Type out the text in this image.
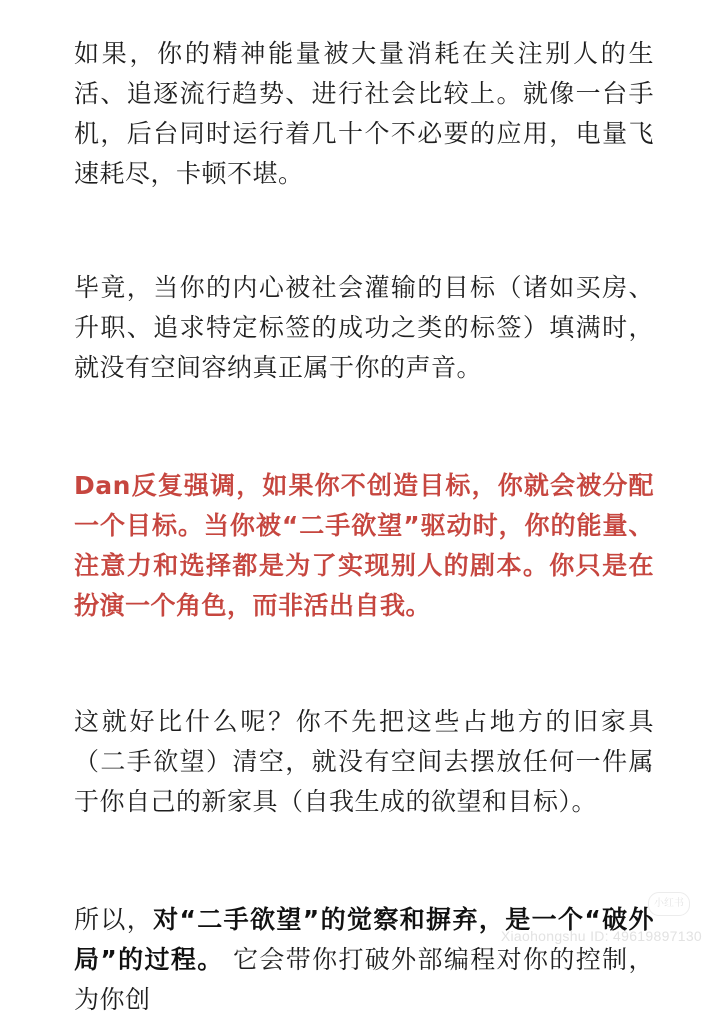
如果，你的精神能量被大量消耗在关注别人的生活、追逐流行趋势、进行社会比较上。就像一台手机，后台同时运行着几十个不必要的应用，电量飞速耗尽，卡顿不堪。

毕竟，当你的内心被社会灌输的目标（诸如买房、升职、追求特定标签的成功之类的标签）填满时，就没有空间容纳真正属于你的声音。

Dan反复强调，如果你不创造目标，你就会被分配一个目标。当你被“二手欲望”驱动时，你的能量、注意力和选择都是为了实现别人的剧本。你只是在扮演一个角色，而非活出自我。

这就好比什么呢？你不先把这些占地方的旧家具（二手欲望）清空，就没有空间去摆放任何一件属于你自己的新家具（自我生成的欲望和目标）。

所以，对“二手欲望”的觉察和摒弃，是一个“破外局”的过程。 它会带你打破外部编程对你的控制，为你创

小红书
Xiaohongshu ID: 49619897130
